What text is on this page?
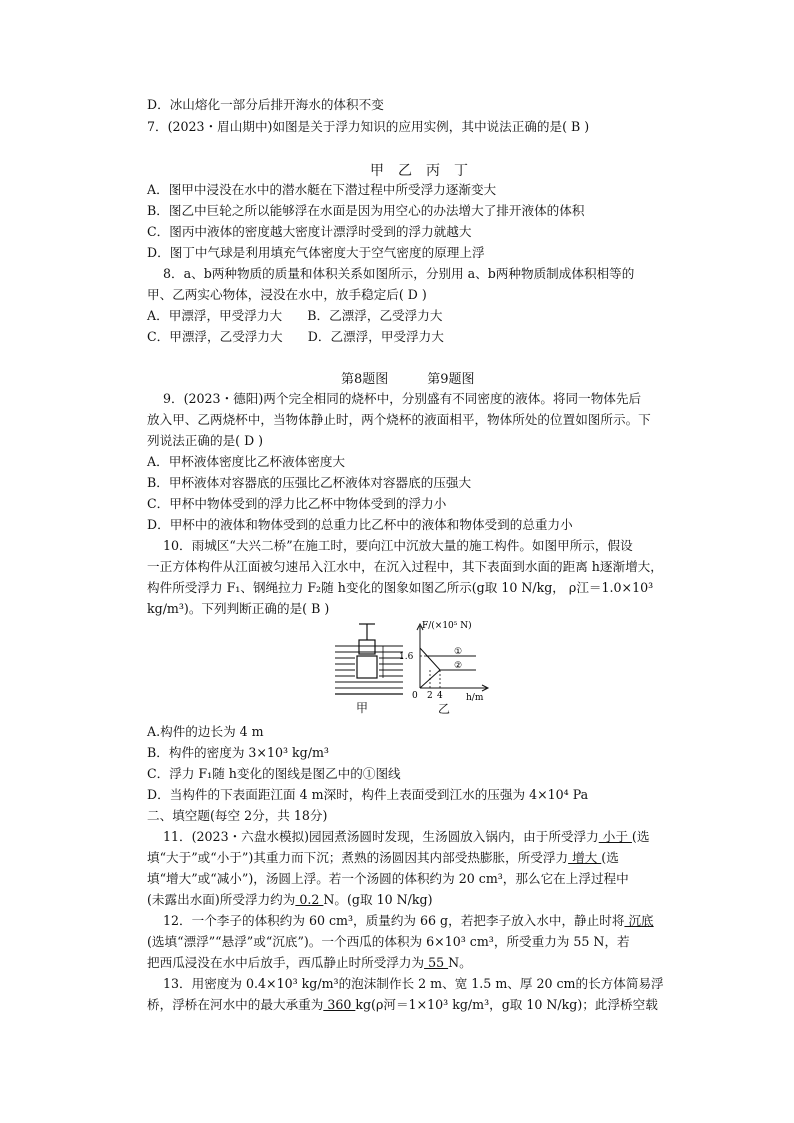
D．冰山熔化一部分后排开海水的体积不变
7．(2023・眉山期中)如图是关于浮力知识的应用实例，其中说法正确的是( B )
甲　乙　丙　丁
A．图甲中浸没在水中的潜水艇在下潜过程中所受浮力逐渐变大
B．图乙中巨轮之所以能够浮在水面是因为用空心的办法增大了排开液体的体积
C．图丙中液体的密度越大密度计漂浮时受到的浮力就越大
D．图丁中气球是利用填充气体密度大于空气密度的原理上浮
8．a、b两种物质的质量和体积关系如图所示，分别用 a、b两种物质制成体积相等的
甲、乙两实心物体，浸没在水中，放手稳定后( D )
A．甲漂浮，甲受浮力大　　B．乙漂浮，乙受浮力大
C．甲漂浮，乙受浮力大　　D．乙漂浮，甲受浮力大
第8题图　　　第9题图
9．(2023・德阳)两个完全相同的烧杯中，分别盛有不同密度的液体。将同一物体先后
放入甲、乙两烧杯中，当物体静止时，两个烧杯的液面相平，物体所处的位置如图所示。下
列说法正确的是( D )
A．甲杯液体密度比乙杯液体密度大
B．甲杯液体对容器底的压强比乙杯液体对容器底的压强大
C．甲杯中物体受到的浮力比乙杯中物体受到的浮力小
D．甲杯中的液体和物体受到的总重力比乙杯中的液体和物体受到的总重力小
10．雨城区“大兴二桥”在施工时，要向江中沉放大量的施工构件。如图甲所示，假设
一正方体构件从江面被匀速吊入江水中，在沉入过程中，其下表面到水面的距离 h逐渐增大，
构件所受浮力 F₁、钢绳拉力 F₂随 h变化的图象如图乙所示(g取 10 N/kg， ρ江＝1.0×10³
kg/m³)。下列判断正确的是( B )
甲
F/(×10⁵ N)
1.6	①
②
0 2 4	h/m
乙
A.构件的边长为 4 m
B．构件的密度为 3×10³ kg/m³
C．浮力 F₁随 h变化的图线是图乙中的①图线
D．当构件的下表面距江面 4 m深时，构件上表面受到江水的压强为 4×10⁴ Pa
二、填空题(每空 2分，共 18分)
11．(2023・六盘水模拟)园园煮汤圆时发现，生汤圆放入锅内，由于所受浮力 小于 (选
填“大于”或“小于”)其重力而下沉；煮熟的汤圆因其内部受热膨胀，所受浮力 增大 (选
填“增大”或“减小”)，汤圆上浮。若一个汤圆的体积约为 20 cm³，那么它在上浮过程中
(未露出水面)所受浮力约为 0.2 N。(g取 10 N/kg)
12．一个李子的体积约为 60 cm³，质量约为 66 g，若把李子放入水中，静止时将 沉底
(选填“漂浮”“悬浮”或“沉底”)。一个西瓜的体积为 6×10³ cm³，所受重力为 55 N，若
把西瓜浸没在水中后放手，西瓜静止时所受浮力为 55 N。
13．用密度为 0.4×10³ kg/m³的泡沫制作长 2 m、宽 1.5 m、厚 20 cm的长方体简易浮
桥，浮桥在河水中的最大承重为 360 kg(ρ河＝1×10³ kg/m³，g取 10 N/kg)；此浮桥空载
